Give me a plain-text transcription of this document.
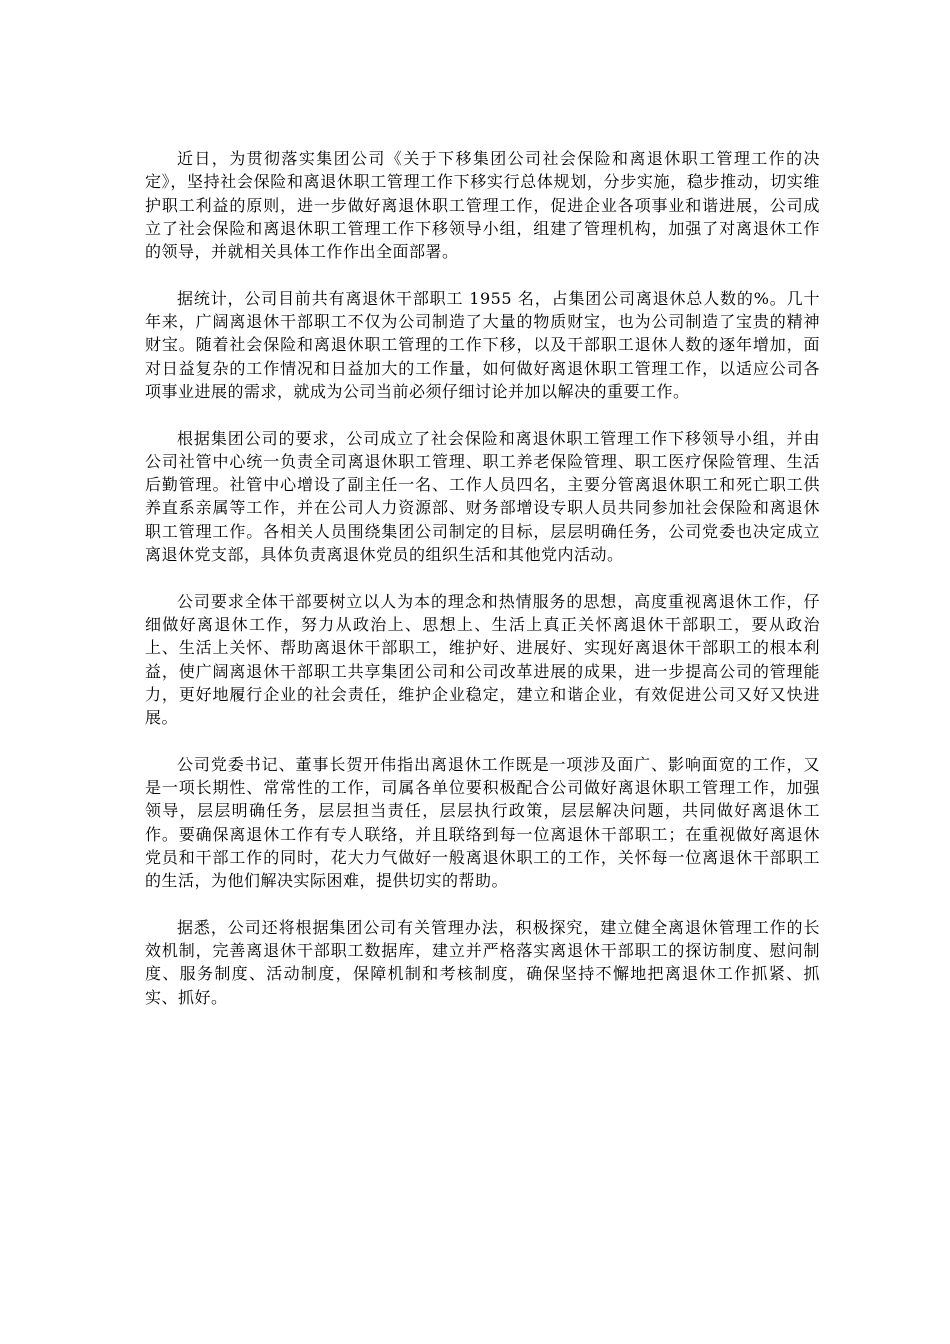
近日，为贯彻落实集团公司《关于下移集团公司社会保险和离退休职工管理工作的决定》，坚持社会保险和离退休职工管理工作下移实行总体规划，分步实施，稳步推动，切实维护职工利益的原则，进一步做好离退休职工管理工作，促进企业各项事业和谐进展，公司成立了社会保险和离退休职工管理工作下移领导小组，组建了管理机构，加强了对离退休工作的领导，并就相关具体工作作出全面部署。

据统计，公司目前共有离退休干部职工 1955 名，占集团公司离退休总人数的%。几十年来，广阔离退休干部职工不仅为公司制造了大量的物质财宝，也为公司制造了宝贵的精神财宝。随着社会保险和离退休职工管理的工作下移，以及干部职工退休人数的逐年增加，面对日益复杂的工作情况和日益加大的工作量，如何做好离退休职工管理工作，以适应公司各项事业进展的需求，就成为公司当前必须仔细讨论并加以解决的重要工作。

根据集团公司的要求，公司成立了社会保险和离退休职工管理工作下移领导小组，并由公司社管中心统一负责全司离退休职工管理、职工养老保险管理、职工医疗保险管理、生活后勤管理。社管中心增设了副主任一名、工作人员四名，主要分管离退休职工和死亡职工供养直系亲属等工作，并在公司人力资源部、财务部增设专职人员共同参加社会保险和离退休职工管理工作。各相关人员围绕集团公司制定的目标，层层明确任务，公司党委也决定成立离退休党支部，具体负责离退休党员的组织生活和其他党内活动。

公司要求全体干部要树立以人为本的理念和热情服务的思想，高度重视离退休工作，仔细做好离退休工作，努力从政治上、思想上、生活上真正关怀离退休干部职工，要从政治上、生活上关怀、帮助离退休干部职工，维护好、进展好、实现好离退休干部职工的根本利益，使广阔离退休干部职工共享集团公司和公司改革进展的成果，进一步提高公司的管理能力，更好地履行企业的社会责任，维护企业稳定，建立和谐企业，有效促进公司又好又快进展。

公司党委书记、董事长贺开伟指出离退休工作既是一项涉及面广、影响面宽的工作，又是一项长期性、常常性的工作，司属各单位要积极配合公司做好离退休职工管理工作，加强领导，层层明确任务，层层担当责任，层层执行政策，层层解决问题，共同做好离退休工作。要确保离退休工作有专人联络，并且联络到每一位离退休干部职工；在重视做好离退休党员和干部工作的同时，花大力气做好一般离退休职工的工作，关怀每一位离退休干部职工的生活，为他们解决实际困难，提供切实的帮助。

据悉，公司还将根据集团公司有关管理办法，积极探究，建立健全离退休管理工作的长效机制，完善离退休干部职工数据库，建立并严格落实离退休干部职工的探访制度、慰问制度、服务制度、活动制度，保障机制和考核制度，确保坚持不懈地把离退休工作抓紧、抓实、抓好。
